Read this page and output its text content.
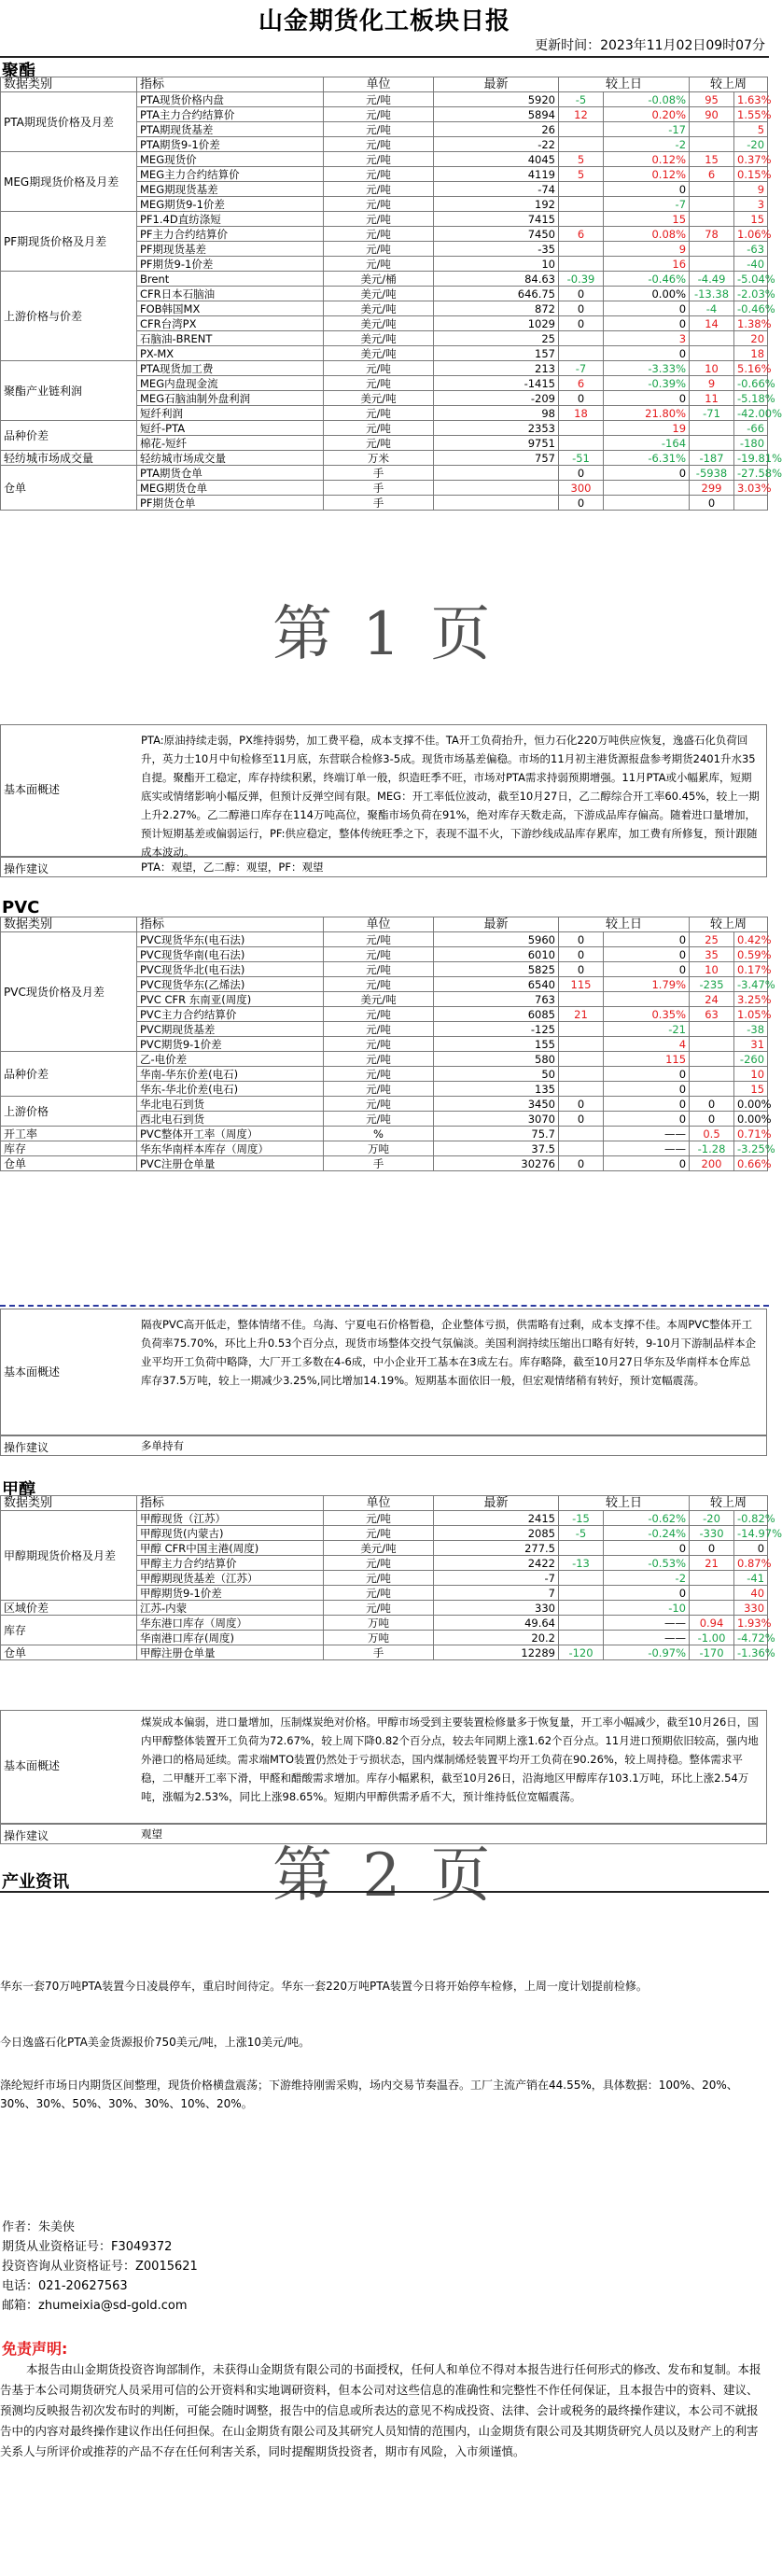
山金期货化工板块日报
更新时间：2023年11月02日09时07分
聚酯
数据类别	指标	单位	最新	较上日		较上周	
PTA期现货价格及月差	PTA现货价格内盘	元/吨	5920	-5	-0.08%	95	1.63%
	PTA主力合约结算价	元/吨	5894	12	0.20%	90	1.55%
	PTA期现货基差	元/吨	26		-17		5
	PTA期货9-1价差	元/吨	-22		-2		-20
MEG期现货价格及月差	MEG现货价	元/吨	4045	5	0.12%	15	0.37%
	MEG主力合约结算价	元/吨	4119	5	0.12%	6	0.15%
	MEG期现货基差	元/吨	-74		0		9
	MEG期货9-1价差	元/吨	192		-7		3
PF期现货价格及月差	PF1.4D直纺涤短	元/吨	7415		15		15
	PF主力合约结算价	元/吨	7450	6	0.08%	78	1.06%
	PF期现货基差	元/吨	-35		9		-63
	PF期货9-1价差	元/吨	10		16		-40
上游价格与价差	Brent	美元/桶	84.63	-0.39	-0.46%	-4.49	-5.04%
	CFR日本石脑油	美元/吨	646.75	0	0.00%	-13.38	-2.03%
	FOB韩国MX	美元/吨	872	0	0	-4	-0.46%
	CFR台湾PX	美元/吨	1029	0	0	14	1.38%
	石脑油-BRENT	美元/吨	25		3		20
	PX-MX	美元/吨	157		0		18
聚酯产业链利润	PTA现货加工费	元/吨	213	-7	-3.33%	10	5.16%
	MEG内盘现金流	元/吨	-1415	6	-0.39%	9	-0.66%
	MEG石脑油制外盘利润	美元/吨	-209	0	0	11	-5.18%
	短纤利润	元/吨	98	18	21.80%	-71	-42.00%
品种价差	短纤-PTA	元/吨	2353		19		-66
	棉花-短纤	元/吨	9751		-164		-180
轻纺城市场成交量	轻纺城市场成交量	万米	757	-51	-6.31%	-187	-19.81%
仓单	PTA期货仓单	手		0	0	-5938	-27.58%
	MEG期货仓单	手		300		299	3.03%
	PF期货仓单	手		0		0	
基本面概述
PTA:原油持续走弱，PX维持弱势，加工费平稳，成本支撑不佳。TA开工负荷抬升，恒力石化220万吨供应恢复，逸盛石化负荷回升，英力士10月中旬检修至11月底，东营联合检修3-5成。现货市场基差偏稳。市场的11月初主港货源报盘参考期货2401升水35自提。聚酯开工稳定，库存持续积累，终端订单一般，织造旺季不旺，市场对PTA需求持弱预期增强。11月PTA或小幅累库，短期底实或情绪影响小幅反弹，但预计反弹空间有限。MEG：开工率低位波动，截至10月27日，乙二醇综合开工率60.45%，较上一期上升2.27%。乙二醇港口库存在114万吨高位，聚酯市场负荷在91%，绝对库存天数走高，下游成品库存偏高。随着进口量增加，预计短期基差或偏弱运行，PF:供应稳定，整体传统旺季之下，表现不温不火，下游纱线成品库存累库，加工费有所修复，预计跟随成本波动。
操作建议	PTA：观望，乙二醇：观望，PF：观望
第 1 页
PVC
数据类别	指标	单位	最新	较上日		较上周	
PVC现货价格及月差	PVC现货华东(电石法)	元/吨	5960	0	0	25	0.42%
	PVC现货华南(电石法)	元/吨	6010	0	0	35	0.59%
	PVC现货华北(电石法)	元/吨	5825	0	0	10	0.17%
	PVC现货华东(乙烯法)	元/吨	6540	115	1.79%	-235	-3.47%
	PVC CFR 东南亚(周度)	美元/吨	763			24	3.25%
	PVC主力合约结算价	元/吨	6085	21	0.35%	63	1.05%
	PVC期现货基差	元/吨	-125		-21		-38
	PVC期货9-1价差	元/吨	155		4		31
品种价差	乙-电价差	元/吨	580		115		-260
	华南-华东价差(电石)	元/吨	50		0		10
	华东-华北价差(电石)	元/吨	135		0		15
上游价格	华北电石到货	元/吨	3450	0	0	0	0.00%
	西北电石到货	元/吨	3070	0	0	0	0.00%
开工率	PVC整体开工率（周度）	%	75.7		——	0.5	0.71%
库存	华东华南样本库存（周度）	万吨	37.5		——	-1.28	-3.25%
仓单	PVC注册仓单量	手	30276	0	0	200	0.66%
基本面概述
隔夜PVC高开低走，整体情绪不佳。乌海、宁夏电石价格暂稳，企业整体亏损，供需略有过剩，成本支撑不佳。本周PVC整体开工负荷率75.70%，环比上升0.53个百分点，现货市场整体交投气氛偏淡。美国利润持续压缩出口略有好转，9-10月下游制品样本企业平均开工负荷中略降，大厂开工多数在4-6成，中小企业开工基本在3成左右。库存略降，截至10月27日华东及华南样本仓库总库存37.5万吨，较上一期减少3.25%,同比增加14.19%。短期基本面依旧一般，但宏观情绪稍有转好，预计宽幅震荡。
操作建议	多单持有
甲醇
数据类别	指标	单位	最新	较上日		较上周	
甲醇期现货价格及月差	甲醇现货（江苏）	元/吨	2415	-15	-0.62%	-20	-0.82%
	甲醇现货(内蒙古)	元/吨	2085	-5	-0.24%	-330	-14.97%
	甲醇 CFR中国主港(周度)	美元/吨	277.5		0	0	0
	甲醇主力合约结算价	元/吨	2422	-13	-0.53%	21	0.87%
	甲醇期现货基差（江苏）	元/吨	-7		-2		-41
	甲醇期货9-1价差	元/吨	7		0		40
区域价差	江苏-内蒙	元/吨	330		-10		330
库存	华东港口库存（周度）	万吨	49.64		——	0.94	1.93%
	华南港口库存(周度)	万吨	20.2		——	-1.00	-4.72%
仓单	甲醇注册仓单量	手	12289	-120	-0.97%	-170	-1.36%
基本面概述
煤炭成本偏弱，进口量增加，压制煤炭绝对价格。甲醇市场受到主要装置检修量多于恢复量，开工率小幅减少，截至10月26日，国内甲醇整体装置开工负荷为72.67%，较上周下降0.82个百分点，较去年同期上涨1.62个百分点。11月进口预期依旧较高，强内地外港口的格局延续。需求端MTO装置仍然处于亏损状态，国内煤制烯烃装置平均开工负荷在90.26%，较上周持稳。整体需求平稳，二甲醚开工率下滑，甲醛和醋酸需求增加。库存小幅累积，截至10月26日，沿海地区甲醇库存103.1万吨，环比上涨2.54万吨，涨幅为2.53%，同比上涨98.65%。短期内甲醇供需矛盾不大，预计维持低位宽幅震荡。
操作建议	观望
第 2 页
产业资讯
华东一套70万吨PTA装置今日凌晨停车，重启时间待定。华东一套220万吨PTA装置今日将开始停车检修，上周一度计划提前检修。
今日逸盛石化PTA美金货源报价750美元/吨，上涨10美元/吨。
涤纶短纤市场日内期货区间整理，现货价格横盘震荡；下游维持刚需采购，场内交易节奏温吞。工厂主流产销在44.55%，具体数据：100%、20%、30%、30%、50%、30%、30%、10%、20%。
作者：朱美侠
期货从业资格证号：F3049372
投资咨询从业资格证号：Z0015621
电话：021-20627563
邮箱：zhumeixia@sd-gold.com
免责声明:
本报告由山金期货投资咨询部制作，未获得山金期货有限公司的书面授权，任何人和单位不得对本报告进行任何形式的修改、发布和复制。本报告基于本公司期货研究人员采用可信的公开资料和实地调研资料，但本公司对这些信息的准确性和完整性不作任何保证，且本报告中的资料、建议、预测均反映报告初次发布时的判断，可能会随时调整，报告中的信息或所表达的意见不构成投资、法律、会计或税务的最终操作建议，本公司不就报告中的内容对最终操作建议作出任何担保。在山金期货有限公司及其研究人员知情的范围内，山金期货有限公司及其期货研究人员以及财产上的利害关系人与所评价或推荐的产品不存在任何利害关系，同时提醒期货投资者，期市有风险，入市须谨慎。
